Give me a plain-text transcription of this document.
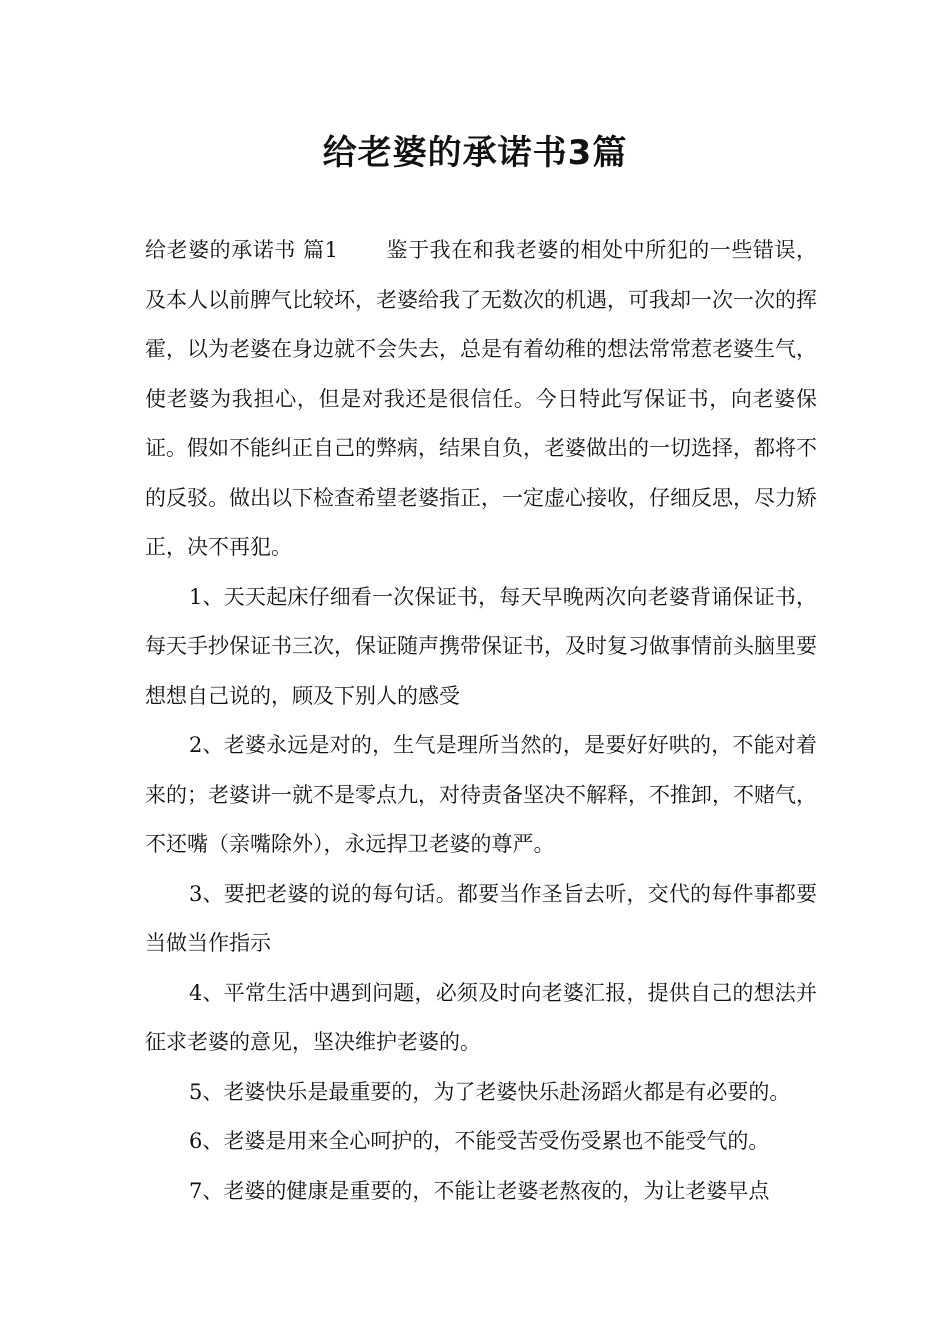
给老婆的承诺书3篇

给老婆的承诺书 篇1 鉴于我在和我老婆的相处中所犯的一些错误，及本人以前脾气比较坏，老婆给我了无数次的机遇，可我却一次一次的挥霍，以为老婆在身边就不会失去，总是有着幼稚的想法常常惹老婆生气，使老婆为我担心，但是对我还是很信任。今日特此写保证书，向老婆保证。假如不能纠正自己的弊病，结果自负，老婆做出的一切选择，都将不的反驳。做出以下检查希望老婆指正，一定虚心接收，仔细反思，尽力矫正，决不再犯。

1、天天起床仔细看一次保证书，每天早晚两次向老婆背诵保证书，每天手抄保证书三次，保证随声携带保证书，及时复习做事情前头脑里要想想自己说的，顾及下别人的感受

2、老婆永远是对的，生气是理所当然的，是要好好哄的，不能对着来的；老婆讲一就不是零点九，对待责备坚决不解释，不推卸，不赌气，不还嘴（亲嘴除外），永远捍卫老婆的尊严。

3、要把老婆的说的每句话。都要当作圣旨去听，交代的每件事都要当做当作指示

4、平常生活中遇到问题，必须及时向老婆汇报，提供自己的想法并征求老婆的意见，坚决维护老婆的。

5、老婆快乐是最重要的，为了老婆快乐赴汤蹈火都是有必要的。

6、老婆是用来全心呵护的，不能受苦受伤受累也不能受气的。

7、老婆的健康是重要的，不能让老婆老熬夜的，为让老婆早点
